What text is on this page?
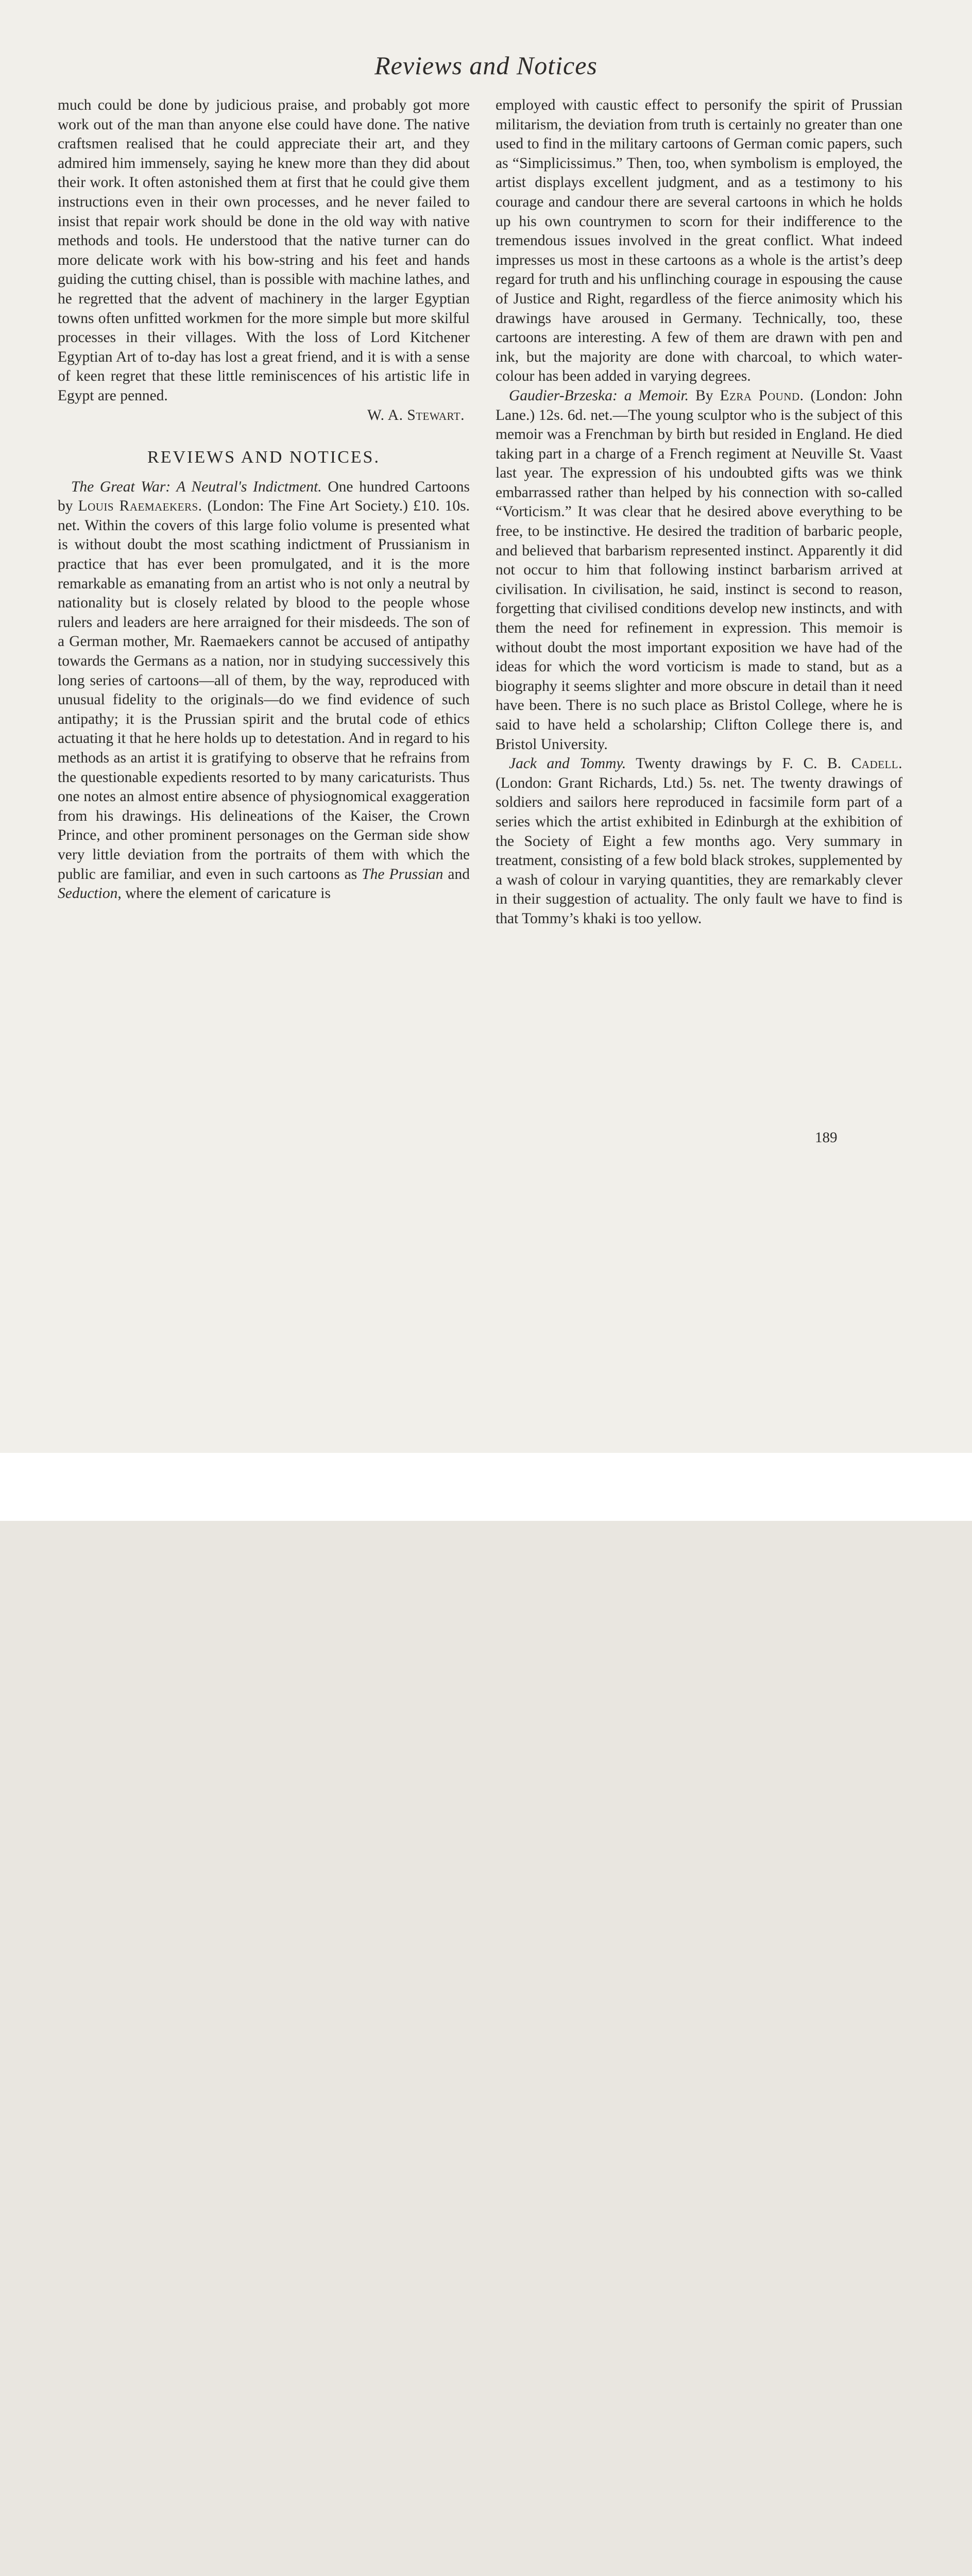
Reviews and Notices

much could be done by judicious praise, and probably got more work out of the man than anyone else could have done. The native craftsmen realised that he could appreciate their art, and they admired him immensely, saying he knew more than they did about their work. It often astonished them at first that he could give them instructions even in their own processes, and he never failed to insist that repair work should be done in the old way with native methods and tools. He understood that the native turner can do more delicate work with his bow-string and his feet and hands guiding the cutting chisel, than is possible with machine lathes, and he regretted that the advent of machinery in the larger Egyptian towns often unfitted workmen for the more simple but more skilful processes in their villages. With the loss of Lord Kitchener Egyptian Art of to-day has lost a great friend, and it is with a sense of keen regret that these little reminiscences of his artistic life in Egypt are penned.

W. A. Stewart.

REVIEWS AND NOTICES.

The Great War: A Neutral's Indictment. One hundred Cartoons by Louis Raemaekers. (London: The Fine Art Society.) £10. 10s. net. Within the covers of this large folio volume is presented what is without doubt the most scathing indictment of Prussianism in practice that has ever been promulgated, and it is the more remarkable as emanating from an artist who is not only a neutral by nationality but is closely related by blood to the people whose rulers and leaders are here arraigned for their misdeeds. The son of a German mother, Mr. Raemaekers cannot be accused of antipathy towards the Germans as a nation, nor in studying successively this long series of cartoons—all of them, by the way, reproduced with unusual fidelity to the originals—do we find evidence of such antipathy; it is the Prussian spirit and the brutal code of ethics actuating it that he here holds up to detestation. And in regard to his methods as an artist it is gratifying to observe that he refrains from the questionable expedients resorted to by many caricaturists. Thus one notes an almost entire absence of physiognomical exaggeration from his drawings. His delineations of the Kaiser, the Crown Prince, and other prominent personages on the German side show very little deviation from the portraits of them with which the public are familiar, and even in such cartoons as The Prussian and Seduction, where the element of caricature is

employed with caustic effect to personify the spirit of Prussian militarism, the deviation from truth is certainly no greater than one used to find in the military cartoons of German comic papers, such as “Simplicissimus.” Then, too, when symbolism is employed, the artist displays excellent judgment, and as a testimony to his courage and candour there are several cartoons in which he holds up his own countrymen to scorn for their indifference to the tremendous issues involved in the great conflict. What indeed impresses us most in these cartoons as a whole is the artist’s deep regard for truth and his unflinching courage in espousing the cause of Justice and Right, regardless of the fierce animosity which his drawings have aroused in Germany. Technically, too, these cartoons are interesting. A few of them are drawn with pen and ink, but the majority are done with charcoal, to which water-colour has been added in varying degrees.

Gaudier-Brzeska: a Memoir. By Ezra Pound. (London: John Lane.) 12s. 6d. net.—The young sculptor who is the subject of this memoir was a Frenchman by birth but resided in England. He died taking part in a charge of a French regiment at Neuville St. Vaast last year. The expression of his undoubted gifts was we think embarrassed rather than helped by his connection with so-called “Vorticism.” It was clear that he desired above everything to be free, to be instinctive. He desired the tradition of barbaric people, and believed that barbarism represented instinct. Apparently it did not occur to him that following instinct barbarism arrived at civilisation. In civilisation, he said, instinct is second to reason, forgetting that civilised conditions develop new instincts, and with them the need for refinement in expression. This memoir is without doubt the most important exposition we have had of the ideas for which the word vorticism is made to stand, but as a biography it seems slighter and more obscure in detail than it need have been. There is no such place as Bristol College, where he is said to have held a scholarship; Clifton College there is, and Bristol University.

Jack and Tommy. Twenty drawings by F. C. B. Cadell. (London: Grant Richards, Ltd.) 5s. net. The twenty drawings of soldiers and sailors here reproduced in facsimile form part of a series which the artist exhibited in Edinburgh at the exhibition of the Society of Eight a few months ago. Very summary in treatment, consisting of a few bold black strokes, supplemented by a wash of colour in varying quantities, they are remarkably clever in their suggestion of actuality. The only fault we have to find is that Tommy’s khaki is too yellow.

189
